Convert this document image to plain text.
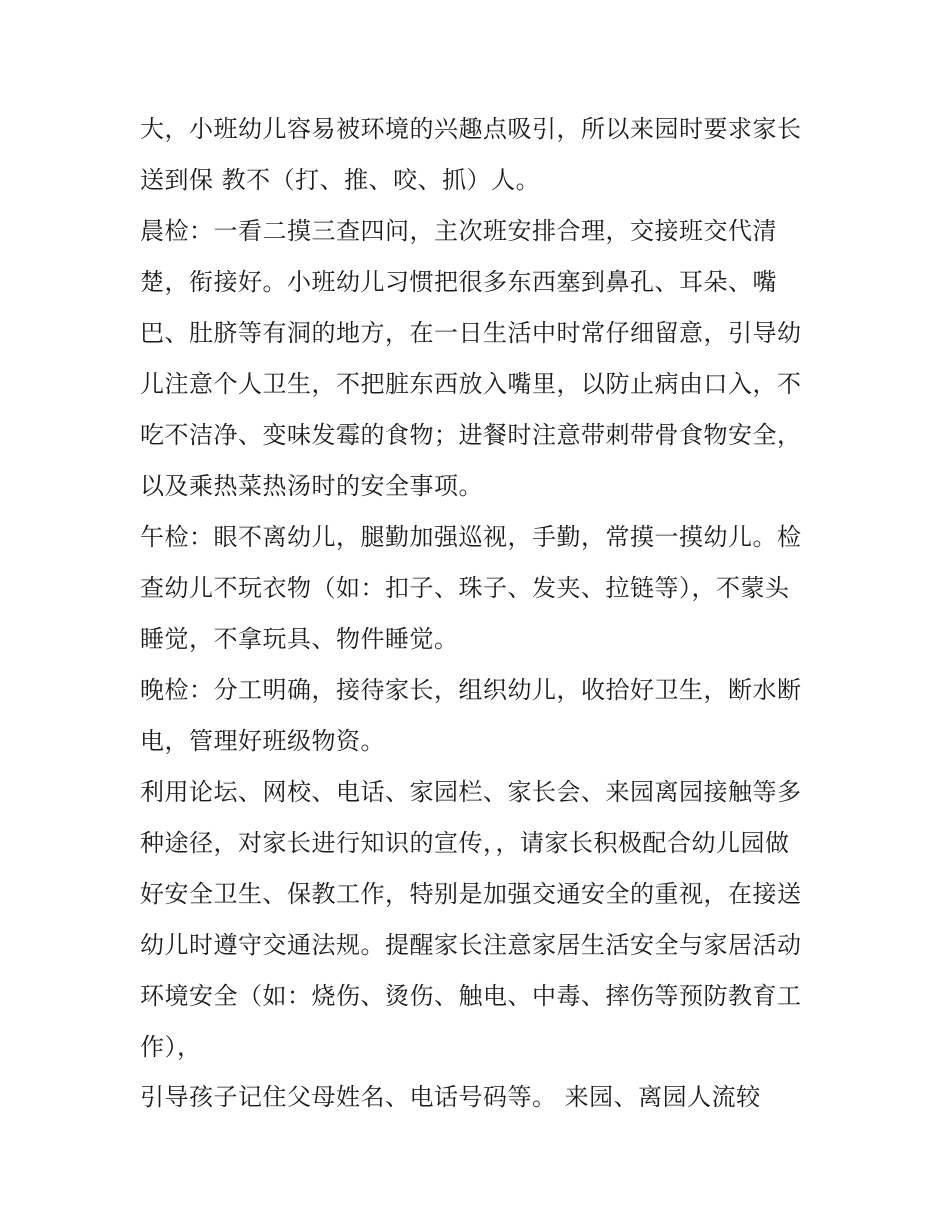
大，小班幼儿容易被环境的兴趣点吸引，所以来园时要求家长
送到保 教不（打、推、咬、抓）人。
晨检：一看二摸三查四问，主次班安排合理，交接班交代清
楚，衔接好。小班幼儿习惯把很多东西塞到鼻孔、耳朵、嘴
巴、肚脐等有洞的地方，在一日生活中时常仔细留意，引导幼
儿注意个人卫生，不把脏东西放入嘴里，以防止病由口入，不
吃不洁净、变味发霉的食物；进餐时注意带刺带骨食物安全，
以及乘热菜热汤时的安全事项。
午检：眼不离幼儿，腿勤加强巡视，手勤，常摸一摸幼儿。检
查幼儿不玩衣物（如：扣子、珠子、发夹、拉链等），不蒙头
睡觉，不拿玩具、物件睡觉。
晚检：分工明确，接待家长，组织幼儿，收拾好卫生，断水断
电，管理好班级物资。
利用论坛、网校、电话、家园栏、家长会、来园离园接触等多
种途径，对家长进行知识的宣传，，请家长积极配合幼儿园做
好安全卫生、保教工作，特别是加强交通安全的重视，在接送
幼儿时遵守交通法规。提醒家长注意家居生活安全与家居活动
环境安全（如：烧伤、烫伤、触电、中毒、摔伤等预防教育工
作），
引导孩子记住父母姓名、电话号码等。 来园、离园人流较
